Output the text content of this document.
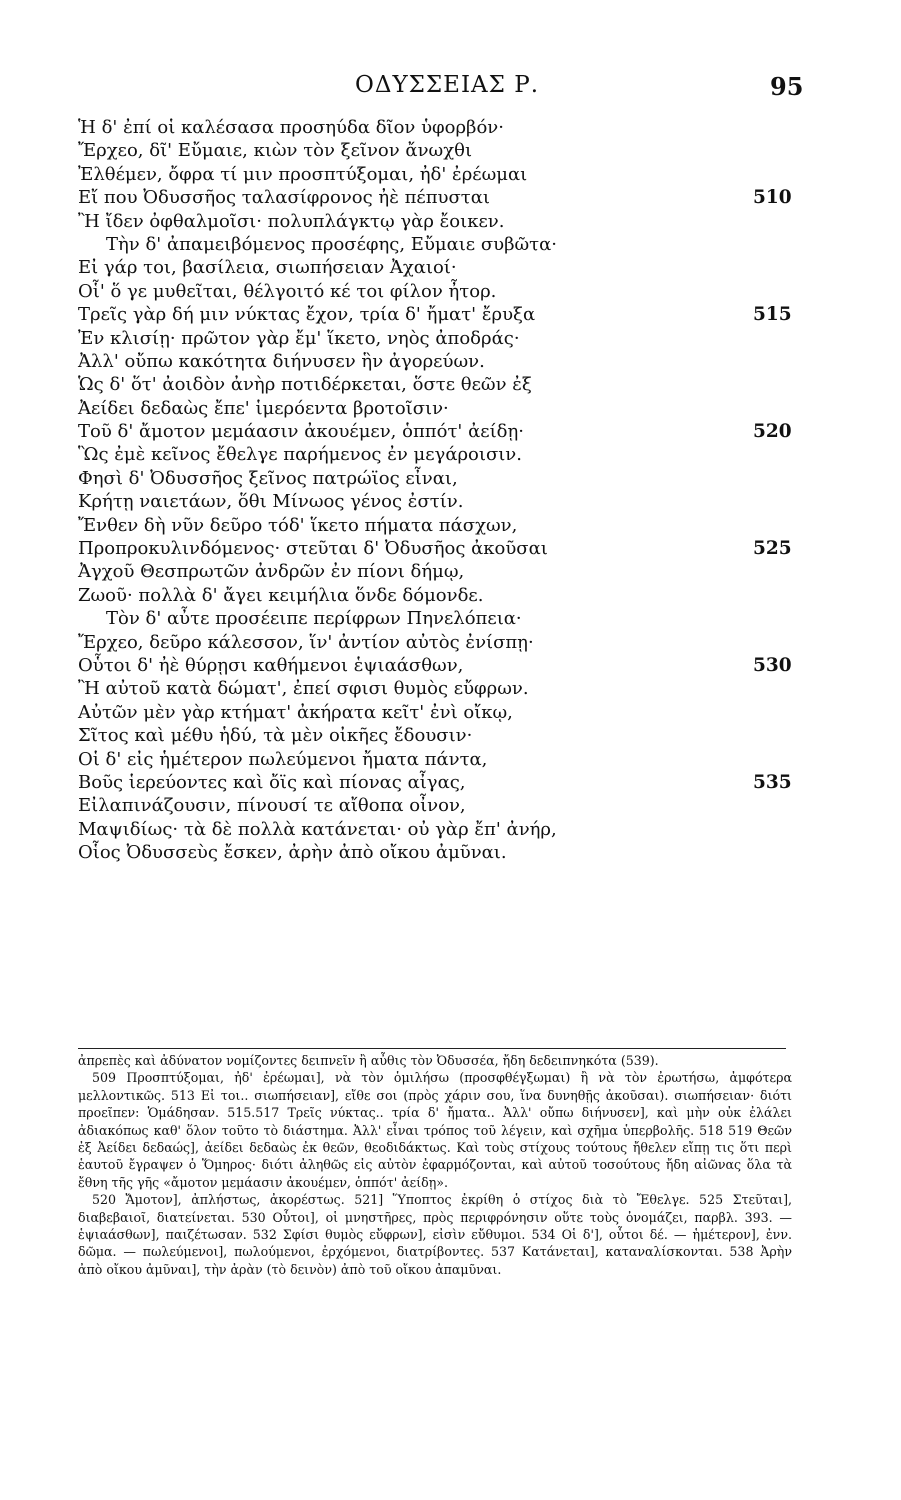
ΟΔΥΣΣΕΙΑΣ Ρ.	95
Ἡ δ' ἐπί οἱ καλέσασα προσηύδα δῖον ὑφορβόν·
Ἔρχεο, δῖ' Εὔμαιε, κιὼν τὸν ξεῖνον ἄνωχθι
Ἐλθέμεν, ὄφρα τί μιν προσπτύξομαι, ἠδ' ἐρέωμαι
Εἴ που Ὀδυσσῆος ταλασίφρονος ἠὲ πέπυσται	510
Ἢ ἴδεν ὀφθαλμοῖσι· πολυπλάγκτῳ γὰρ ἔοικεν.
Τὴν δ' ἀπαμειβόμενος προσέφης, Εὔμαιε συβῶτα·
Εἰ γάρ τοι, βασίλεια, σιωπήσειαν Ἀχαιοί·
Οἷ' ὅ γε μυθεῖται, θέλγοιτό κέ τοι φίλον ἦτορ.
Τρεῖς γὰρ δή μιν νύκτας ἔχον, τρία δ' ἤματ' ἔρυξα	515
Ἐν κλισίῃ· πρῶτον γὰρ ἔμ' ἵκετο, νηὸς ἀποδράς·
Ἀλλ' οὔπω κακότητα διήνυσεν ἣν ἀγορεύων.
Ὡς δ' ὅτ' ἀοιδὸν ἀνὴρ ποτιδέρκεται, ὅστε θεῶν ἐξ
Ἀείδει δεδαὼς ἔπε' ἱμερόεντα βροτοῖσιν·
Τοῦ δ' ἄμοτον μεμάασιν ἀκουέμεν, ὁππότ' ἀείδῃ·	520
Ὣς ἐμὲ κεῖνος ἔθελγε παρήμενος ἐν μεγάροισιν.
Φησὶ δ' Ὀδυσσῆος ξεῖνος πατρώϊος εἶναι,
Κρήτῃ ναιετάων, ὅθι Μίνωος γένος ἐστίν.
Ἔνθεν δὴ νῦν δεῦρο τόδ' ἵκετο πήματα πάσχων,
Προπροκυλινδόμενος· στεῦται δ' Ὀδυσῆος ἀκοῦσαι	525
Ἀγχοῦ Θεσπρωτῶν ἀνδρῶν ἐν πίονι δήμῳ,
Ζωοῦ· πολλὰ δ' ἄγει κειμήλια ὅνδε δόμονδε.
Τὸν δ' αὖτε προσέειπε περίφρων Πηνελόπεια·
Ἔρχεο, δεῦρο κάλεσσον, ἵν' ἀντίον αὐτὸς ἐνίσπῃ·
Οὗτοι δ' ἠὲ θύρῃσι καθήμενοι ἑψιαάσθων,	530
Ἢ αὐτοῦ κατὰ δώματ', ἐπεί σφισι θυμὸς εὔφρων.
Αὐτῶν μὲν γὰρ κτήματ' ἀκήρατα κεῖτ' ἐνὶ οἴκῳ,
Σῖτος καὶ μέθυ ἡδύ, τὰ μὲν οἰκῆες ἔδουσιν·
Οἱ δ' εἰς ἡμέτερον πωλεύμενοι ἤματα πάντα,
Βοῦς ἱερεύοντες καὶ ὄϊς καὶ πίονας αἶγας,	535
Εἰλαπινάζουσιν, πίνουσί τε αἴθοπα οἶνον,
Μαψιδίως· τὰ δὲ πολλὰ κατάνεται· οὐ γὰρ ἔπ' ἀνήρ,
Οἷος Ὀδυσσεὺς ἔσκεν, ἀρὴν ἀπὸ οἴκου ἀμῦναι.

ἀπρεπὲς καὶ ἀδύνατον νομίζοντες δειπνεῖν ἢ αὖθις τὸν Ὀδυσσέα, ἤδη δεδειπνηκότα (539).

509 Προσπτύξομαι, ἠδ' ἐρέωμαι], νὰ τὸν ὁμιλήσω (προσφθέγξωμαι) ἢ νὰ τὸν ἐρωτήσω, ἀμφότερα μελλοντικῶς. 513 Εἰ τοι.. σιωπήσειαν], εἴθε σοι (πρὸς χάριν σου, ἵνα δυνηθῇς ἀκοῦσαι). σιωπήσειαν· διότι προεῖπεν: Ὁμάδησαν. 515.517 Τρεῖς νύκτας.. τρία δ' ἤματα.. Ἀλλ' οὔπω διήνυσεν], καὶ μὴν οὐκ ἐλάλει ἀδιακόπως καθ' ὅλον τοῦτο τὸ διάστημα. Ἀλλ' εἶναι τρόπος τοῦ λέγειν, καὶ σχῆμα ὑπερβολῆς. 518 519 Θεῶν ἐξ Ἀείδει δεδαώς], ἀείδει δεδαὼς ἐκ θεῶν, θεοδιδάκτως. Καὶ τοὺς στίχους τούτους ἤθελεν εἴπῃ τις ὅτι περὶ ἑαυτοῦ ἔγραψεν ὁ Ὅμηρος· διότι ἀληθῶς εἰς αὐτὸν ἐφαρμόζονται, καὶ αὐτοῦ τοσούτους ἤδη αἰῶνας ὅλα τὰ ἔθνη τῆς γῆς «ἄμοτον μεμάασιν ἀκουέμεν, ὁππότ' ἀείδῃ».

520 Ἄμοτον], ἀπλήστως, ἀκορέστως. 521] Ὕποπτος ἐκρίθη ὁ στίχος διὰ τὸ Ἔθελγε. 525 Στεῦται], διαβεβαιοῖ, διατείνεται. 530 Οὗτοι], οἱ μνηστῆρες, πρὸς περιφρόνησιν οὕτε τοὺς ὀνομάζει, παρβλ. 393. — ἑψιαάσθων], παιζέτωσαν. 532 Σφίσι θυμὸς εὔφρων], εἰσὶν εὔθυμοι. 534 Οἱ δ'], οὗτοι δέ. — ἡμέτερον], ἐνν. δῶμα. — πωλεύμενοι], πωλούμενοι, ἐρχόμενοι, διατρίβοντες. 537 Κατάνεται], καταναλίσκονται. 538 Ἀρὴν ἀπὸ οἴκου ἀμῦναι], τὴν ἀρὰν (τὸ δεινὸν) ἀπὸ τοῦ οἴκου ἀπαμῦναι.
